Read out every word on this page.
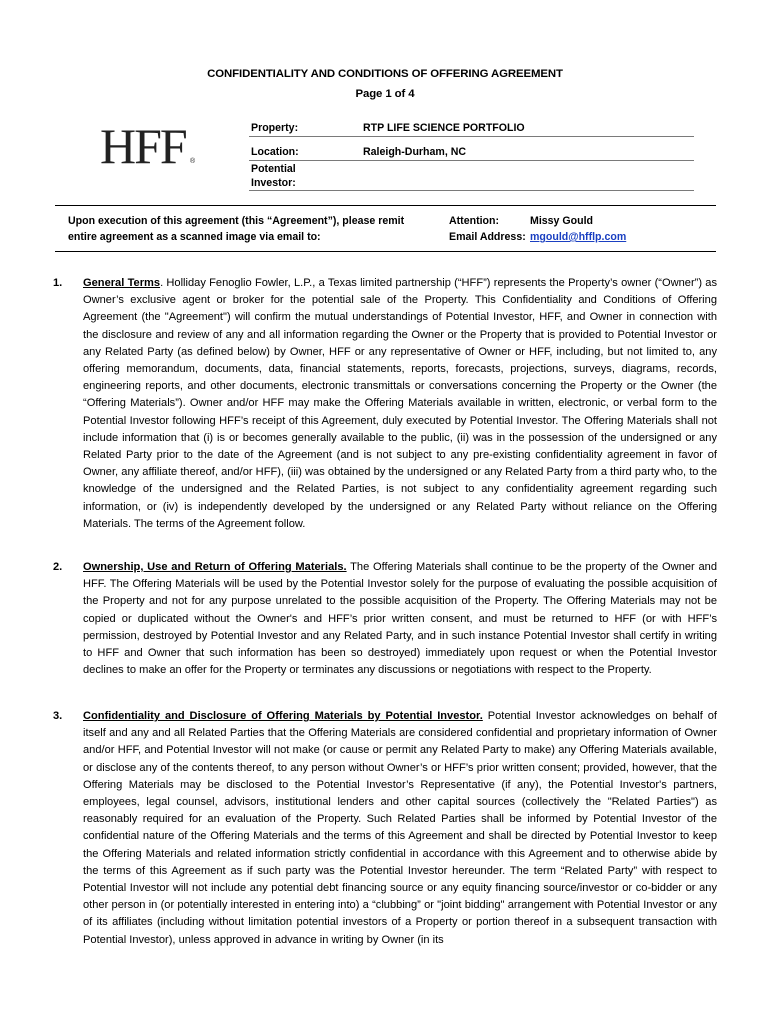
CONFIDENTIALITY AND CONDITIONS OF OFFERING AGREEMENT
Page 1 of 4
HFF ®
Property:	RTP LIFE SCIENCE PORTFOLIO
Location:	Raleigh-Durham, NC
Potential
Investor:
Upon execution of this agreement (this “Agreement”), please remit entire agreement as a scanned image via email to:
Attention:	Missy Gould
Email Address: mgould@hfflp.com
1. General Terms. Holliday Fenoglio Fowler, L.P., a Texas limited partnership (“HFF”) represents the Property’s owner (“Owner”) as Owner’s exclusive agent or broker for the potential sale of the Property. This Confidentiality and Conditions of Offering Agreement (the "Agreement") will confirm the mutual understandings of Potential Investor, HFF, and Owner in connection with the disclosure and review of any and all information regarding the Owner or the Property that is provided to Potential Investor or any Related Party (as defined below) by Owner, HFF or any representative of Owner or HFF, including, but not limited to, any offering memorandum, documents, data, financial statements, reports, forecasts, projections, surveys, diagrams, records, engineering reports, and other documents, electronic transmittals or conversations concerning the Property or the Owner (the “Offering Materials”). Owner and/or HFF may make the Offering Materials available in written, electronic, or verbal form to the Potential Investor following HFF’s receipt of this Agreement, duly executed by Potential Investor. The Offering Materials shall not include information that (i) is or becomes generally available to the public, (ii) was in the possession of the undersigned or any Related Party prior to the date of the Agreement (and is not subject to any pre-existing confidentiality agreement in favor of Owner, any affiliate thereof, and/or HFF), (iii) was obtained by the undersigned or any Related Party from a third party who, to the knowledge of the undersigned and the Related Parties, is not subject to any confidentiality agreement regarding such information, or (iv) is independently developed by the undersigned or any Related Party without reliance on the Offering Materials. The terms of the Agreement follow.
2. Ownership, Use and Return of Offering Materials. The Offering Materials shall continue to be the property of the Owner and HFF. The Offering Materials will be used by the Potential Investor solely for the purpose of evaluating the possible acquisition of the Property and not for any purpose unrelated to the possible acquisition of the Property. The Offering Materials may not be copied or duplicated without the Owner's and HFF’s prior written consent, and must be returned to HFF (or with HFF’s permission, destroyed by Potential Investor and any Related Party, and in such instance Potential Investor shall certify in writing to HFF and Owner that such information has been so destroyed) immediately upon request or when the Potential Investor declines to make an offer for the Property or terminates any discussions or negotiations with respect to the Property.
3. Confidentiality and Disclosure of Offering Materials by Potential Investor. Potential Investor acknowledges on behalf of itself and any and all Related Parties that the Offering Materials are considered confidential and proprietary information of Owner and/or HFF, and Potential Investor will not make (or cause or permit any Related Party to make) any Offering Materials available, or disclose any of the contents thereof, to any person without Owner’s or HFF’s prior written consent; provided, however, that the Offering Materials may be disclosed to the Potential Investor’s Representative (if any), the Potential Investor's partners, employees, legal counsel, advisors, institutional lenders and other capital sources (collectively the "Related Parties") as reasonably required for an evaluation of the Property. Such Related Parties shall be informed by Potential Investor of the confidential nature of the Offering Materials and the terms of this Agreement and shall be directed by Potential Investor to keep the Offering Materials and related information strictly confidential in accordance with this Agreement and to otherwise abide by the terms of this Agreement as if such party was the Potential Investor hereunder. The term “Related Party” with respect to Potential Investor will not include any potential debt financing source or any equity financing source/investor or co-bidder or any other person in (or potentially interested in entering into) a “clubbing” or "joint bidding" arrangement with Potential Investor or any of its affiliates (including without limitation potential investors of a Property or portion thereof in a subsequent transaction with Potential Investor), unless approved in advance in writing by Owner (in its
